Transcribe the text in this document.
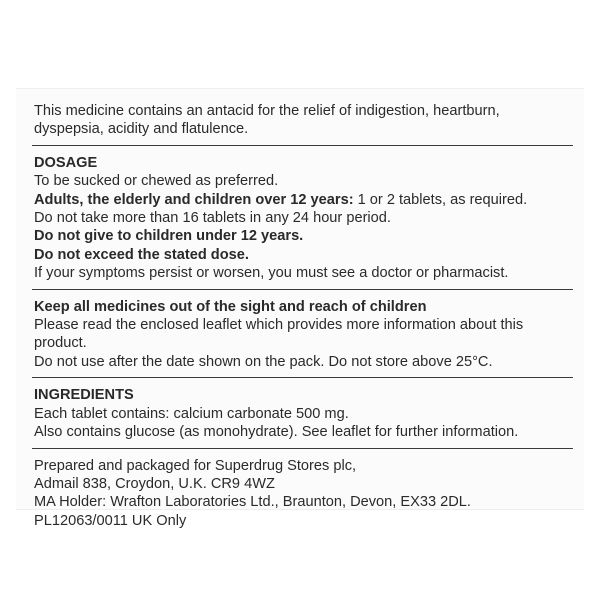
This medicine contains an antacid for the relief of indigestion, heartburn,
dyspepsia, acidity and flatulence.
DOSAGE
To be sucked or chewed as preferred.
Adults, the elderly and children over 12 years: 1 or 2 tablets, as required.
Do not take more than 16 tablets in any 24 hour period.
Do not give to children under 12 years.
Do not exceed the stated dose.
If your symptoms persist or worsen, you must see a doctor or pharmacist.
Keep all medicines out of the sight and reach of children
Please read the enclosed leaflet which provides more information about this
product.
Do not use after the date shown on the pack. Do not store above 25°C.
INGREDIENTS
Each tablet contains: calcium carbonate 500 mg.
Also contains glucose (as monohydrate). See leaflet for further information.
Prepared and packaged for Superdrug Stores plc,
Admail 838, Croydon, U.K. CR9 4WZ
MA Holder: Wrafton Laboratories Ltd., Braunton, Devon, EX33 2DL.
PL12063/0011 UK Only
